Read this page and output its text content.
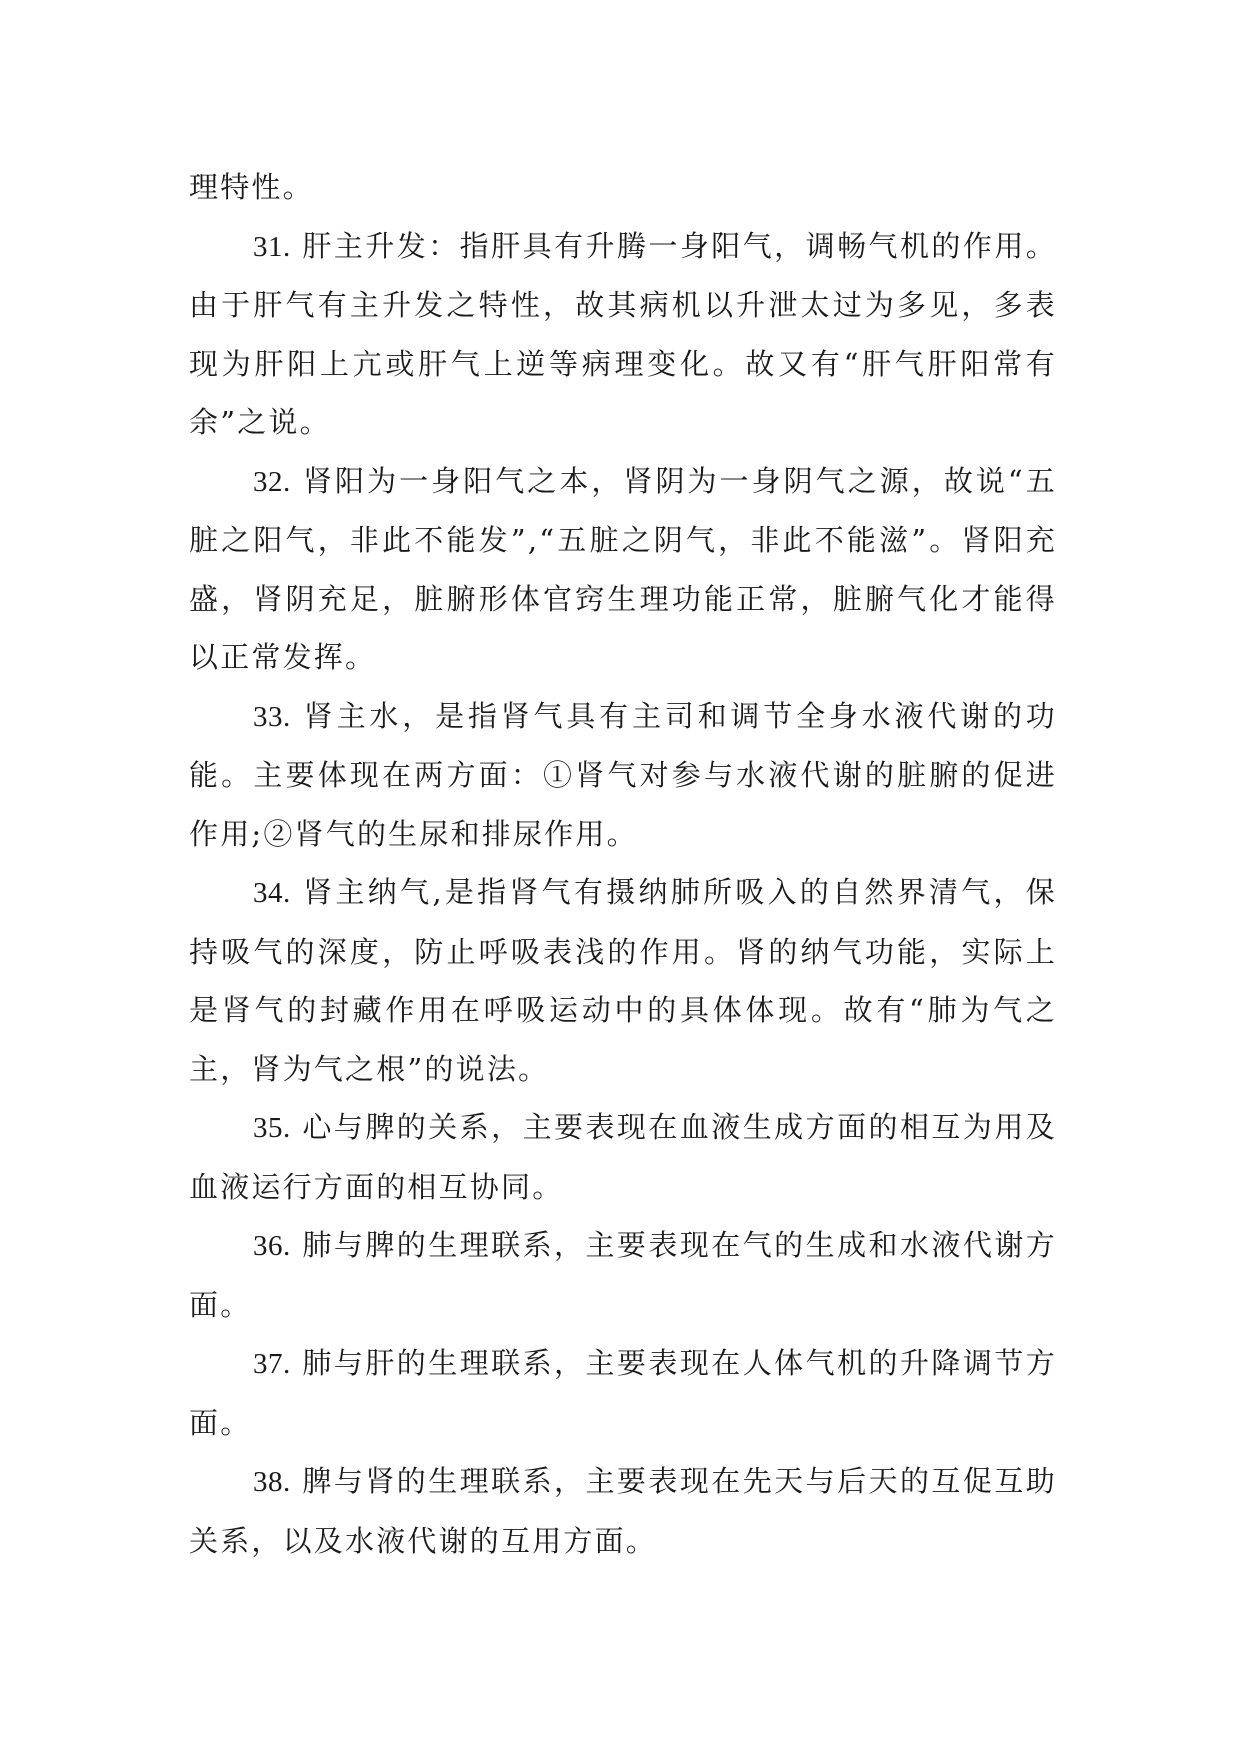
理特性。

31. 肝主升发：指肝具有升腾一身阳气，调畅气机的作用。由于肝气有主升发之特性，故其病机以升泄太过为多见，多表现为肝阳上亢或肝气上逆等病理变化。故又有“肝气肝阳常有余”之说。

32. 肾阳为一身阳气之本，肾阴为一身阴气之源，故说“五脏之阳气，非此不能发”,“五脏之阴气，非此不能滋”。肾阳充盛，肾阴充足，脏腑形体官窍生理功能正常，脏腑气化才能得以正常发挥。

33. 肾主水，是指肾气具有主司和调节全身水液代谢的功能。主要体现在两方面：①肾气对参与水液代谢的脏腑的促进作用;②肾气的生尿和排尿作用。

34. 肾主纳气,是指肾气有摄纳肺所吸入的自然界清气，保持吸气的深度，防止呼吸表浅的作用。肾的纳气功能，实际上是肾气的封藏作用在呼吸运动中的具体体现。故有“肺为气之主，肾为气之根”的说法。

35. 心与脾的关系，主要表现在血液生成方面的相互为用及血液运行方面的相互协同。

36. 肺与脾的生理联系，主要表现在气的生成和水液代谢方面。

37. 肺与肝的生理联系，主要表现在人体气机的升降调节方面。

38. 脾与肾的生理联系，主要表现在先天与后天的互促互助关系，以及水液代谢的互用方面。
